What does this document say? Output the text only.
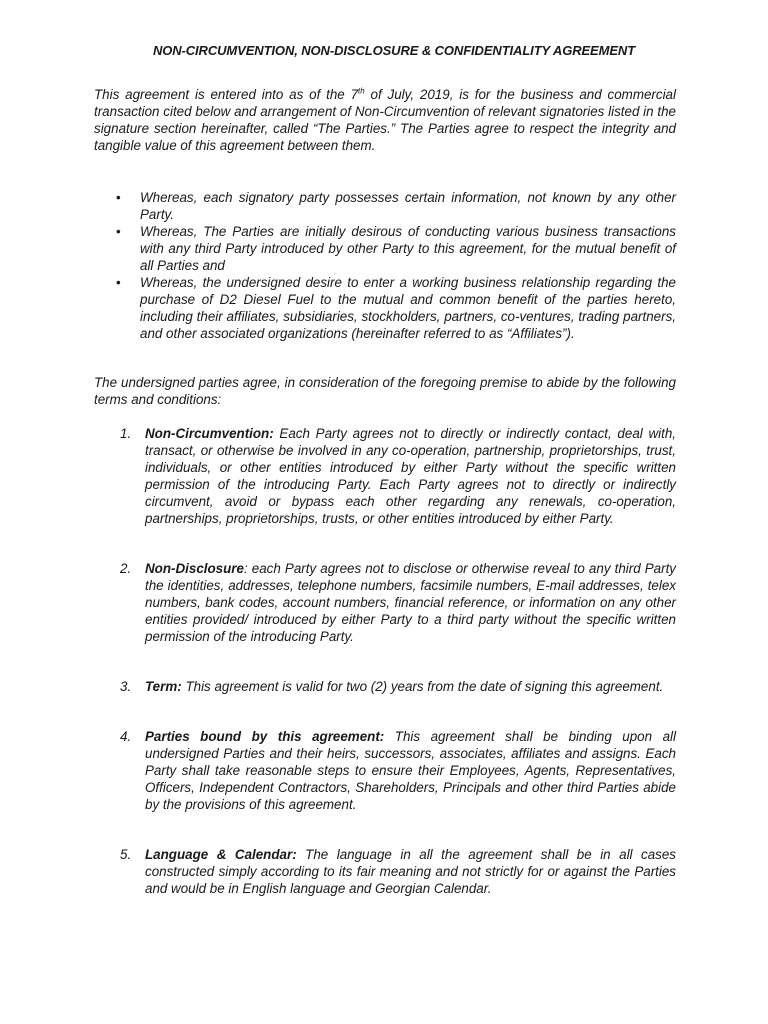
NON-CIRCUMVENTION, NON-DISCLOSURE & CONFIDENTIALITY AGREEMENT

This agreement is entered into as of the 7th of July, 2019, is for the business and commercial transaction cited below and arrangement of Non-Circumvention of relevant signatories listed in the signature section hereinafter, called “The Parties.” The Parties agree to respect the integrity and tangible value of this agreement between them.

• Whereas, each signatory party possesses certain information, not known by any other Party.
• Whereas, The Parties are initially desirous of conducting various business transactions with any third Party introduced by other Party to this agreement, for the mutual benefit of all Parties and
• Whereas, the undersigned desire to enter a working business relationship regarding the purchase of D2 Diesel Fuel to the mutual and common benefit of the parties hereto, including their affiliates, subsidiaries, stockholders, partners, co-ventures, trading partners, and other associated organizations (hereinafter referred to as “Affiliates”).

The undersigned parties agree, in consideration of the foregoing premise to abide by the following terms and conditions:

1. Non-Circumvention: Each Party agrees not to directly or indirectly contact, deal with, transact, or otherwise be involved in any co-operation, partnership, proprietorships, trust, individuals, or other entities introduced by either Party without the specific written permission of the introducing Party. Each Party agrees not to directly or indirectly circumvent, avoid or bypass each other regarding any renewals, co-operation, partnerships, proprietorships, trusts, or other entities introduced by either Party.
2. Non-Disclosure: each Party agrees not to disclose or otherwise reveal to any third Party the identities, addresses, telephone numbers, facsimile numbers, E-mail addresses, telex numbers, bank codes, account numbers, financial reference, or information on any other entities provided/ introduced by either Party to a third party without the specific written permission of the introducing Party.
3. Term: This agreement is valid for two (2) years from the date of signing this agreement.
4. Parties bound by this agreement: This agreement shall be binding upon all undersigned Parties and their heirs, successors, associates, affiliates and assigns. Each Party shall take reasonable steps to ensure their Employees, Agents, Representatives, Officers, Independent Contractors, Shareholders, Principals and other third Parties abide by the provisions of this agreement.
5. Language & Calendar: The language in all the agreement shall be in all cases constructed simply according to its fair meaning and not strictly for or against the Parties and would be in English language and Georgian Calendar.
